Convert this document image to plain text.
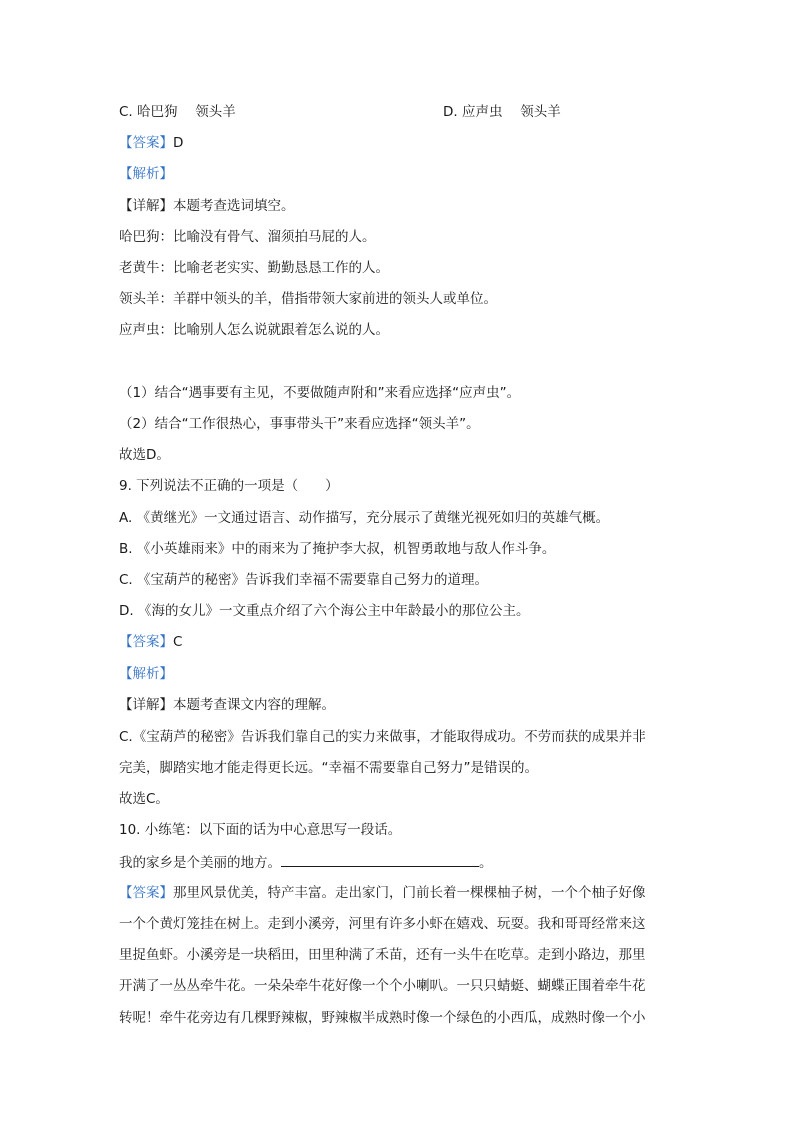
C. 哈巴狗　 领头羊	D. 应声虫　 领头羊
【答案】D
【解析】
【详解】本题考查选词填空。
哈巴狗：比喻没有骨气、溜须拍马屁的人。
老黄牛：比喻老老实实、勤勤恳恳工作的人。
领头羊：羊群中领头的羊，借指带领大家前进的领头人或单位。
应声虫：比喻别人怎么说就跟着怎么说的人。
（1）结合“遇事要有主见，不要做随声附和”来看应选择“应声虫”。
（2）结合“工作很热心，事事带头干”来看应选择“领头羊”。
故选D。
9. 下列说法不正确的一项是（　　）
A. 《黄继光》一文通过语言、动作描写，充分展示了黄继光视死如归的英雄气概。
B. 《小英雄雨来》中的雨来为了掩护李大叔，机智勇敢地与敌人作斗争。
C. 《宝葫芦的秘密》告诉我们幸福不需要靠自己努力的道理。
D. 《海的女儿》一文重点介绍了六个海公主中年龄最小的那位公主。
【答案】C
【解析】
【详解】本题考查课文内容的理解。
C.《宝葫芦的秘密》告诉我们靠自己的实力来做事，才能取得成功。不劳而获的成果并非
完美，脚踏实地才能走得更长远。“幸福不需要靠自己努力”是错误的。
故选C。
10. 小练笔：以下面的话为中心意思写一段话。
我的家乡是个美丽的地方。	。
【答案】那里风景优美，特产丰富。走出家门，门前长着一棵棵柚子树，一个个柚子好像
一个个黄灯笼挂在树上。走到小溪旁，河里有许多小虾在嬉戏、玩耍。我和哥哥经常来这
里捉鱼虾。小溪旁是一块稻田，田里种满了禾苗，还有一头牛在吃草。走到小路边，那里
开满了一丛丛牵牛花。一朵朵牵牛花好像一个个小喇叭。一只只蜻蜓、蝴蝶正围着牵牛花
转呢！牵牛花旁边有几棵野辣椒，野辣椒半成熟时像一个绿色的小西瓜，成熟时像一个小
